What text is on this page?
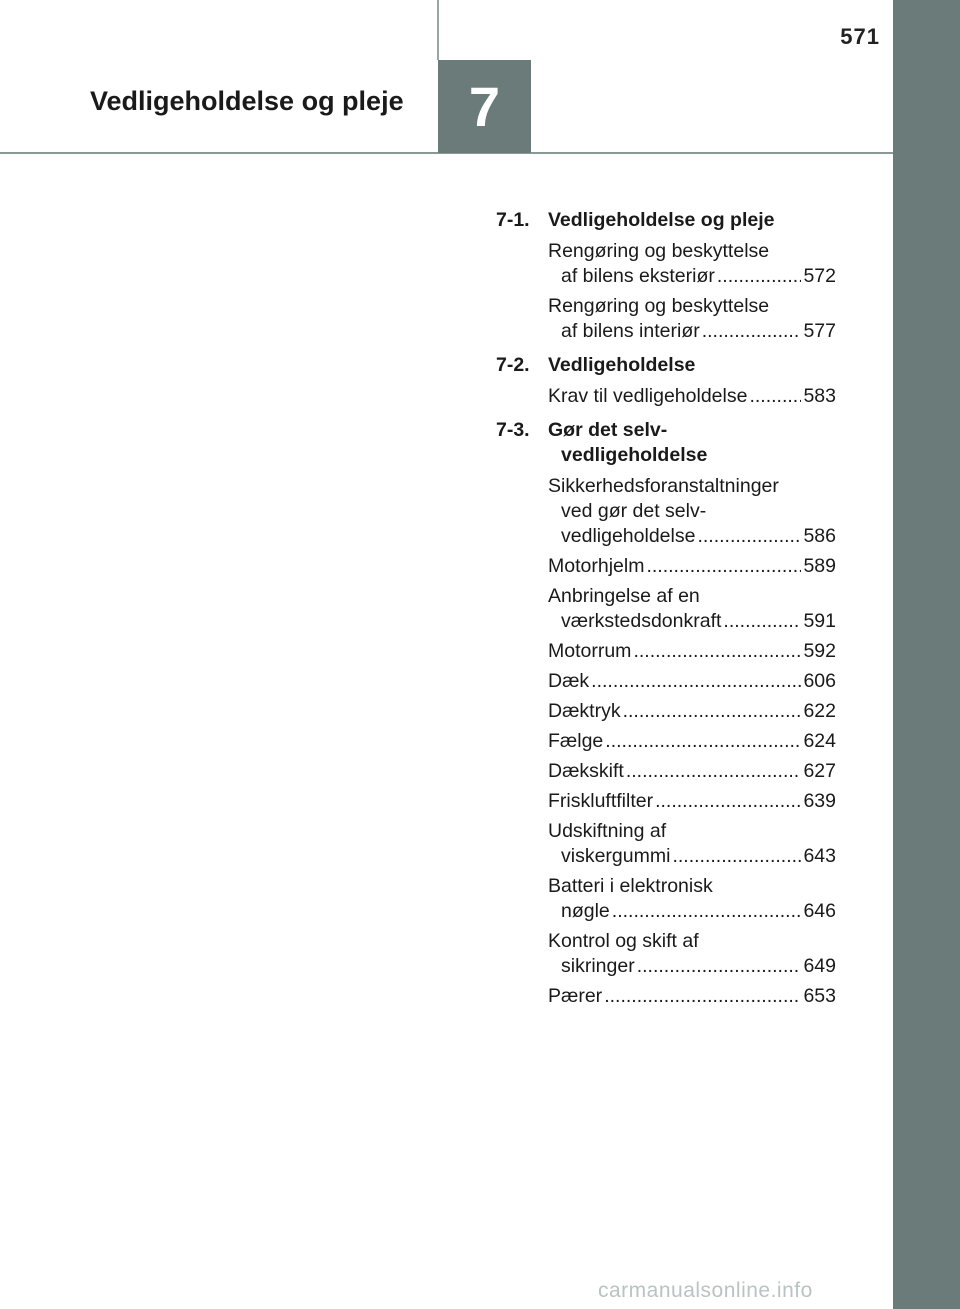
571
Vedligeholdelse og pleje	7
7-1. Vedligeholdelse og pleje
Rengøring og beskyttelse
af bilens eksteriør .....	572
Rengøring og beskyttelse
af bilens interiør .....	577
7-2. Vedligeholdelse
Krav til vedligeholdelse .....	583
7-3. Gør det selv-
vedligeholdelse
Sikkerhedsforanstaltninger
ved gør det selv-
vedligeholdelse .....	586
Motorhjelm .....	589
Anbringelse af en
værkstedsdonkraft .....	591
Motorrum .....	592
Dæk .....	606
Dæktryk .....	622
Fælge .....	624
Dækskift .....	627
Friskluftfilter .....	639
Udskiftning af
viskergummi .....	643
Batteri i elektronisk
nøgle .....	646
Kontrol og skift af
sikringer .....	649
Pærer .....	653
carmanualsonline.info
